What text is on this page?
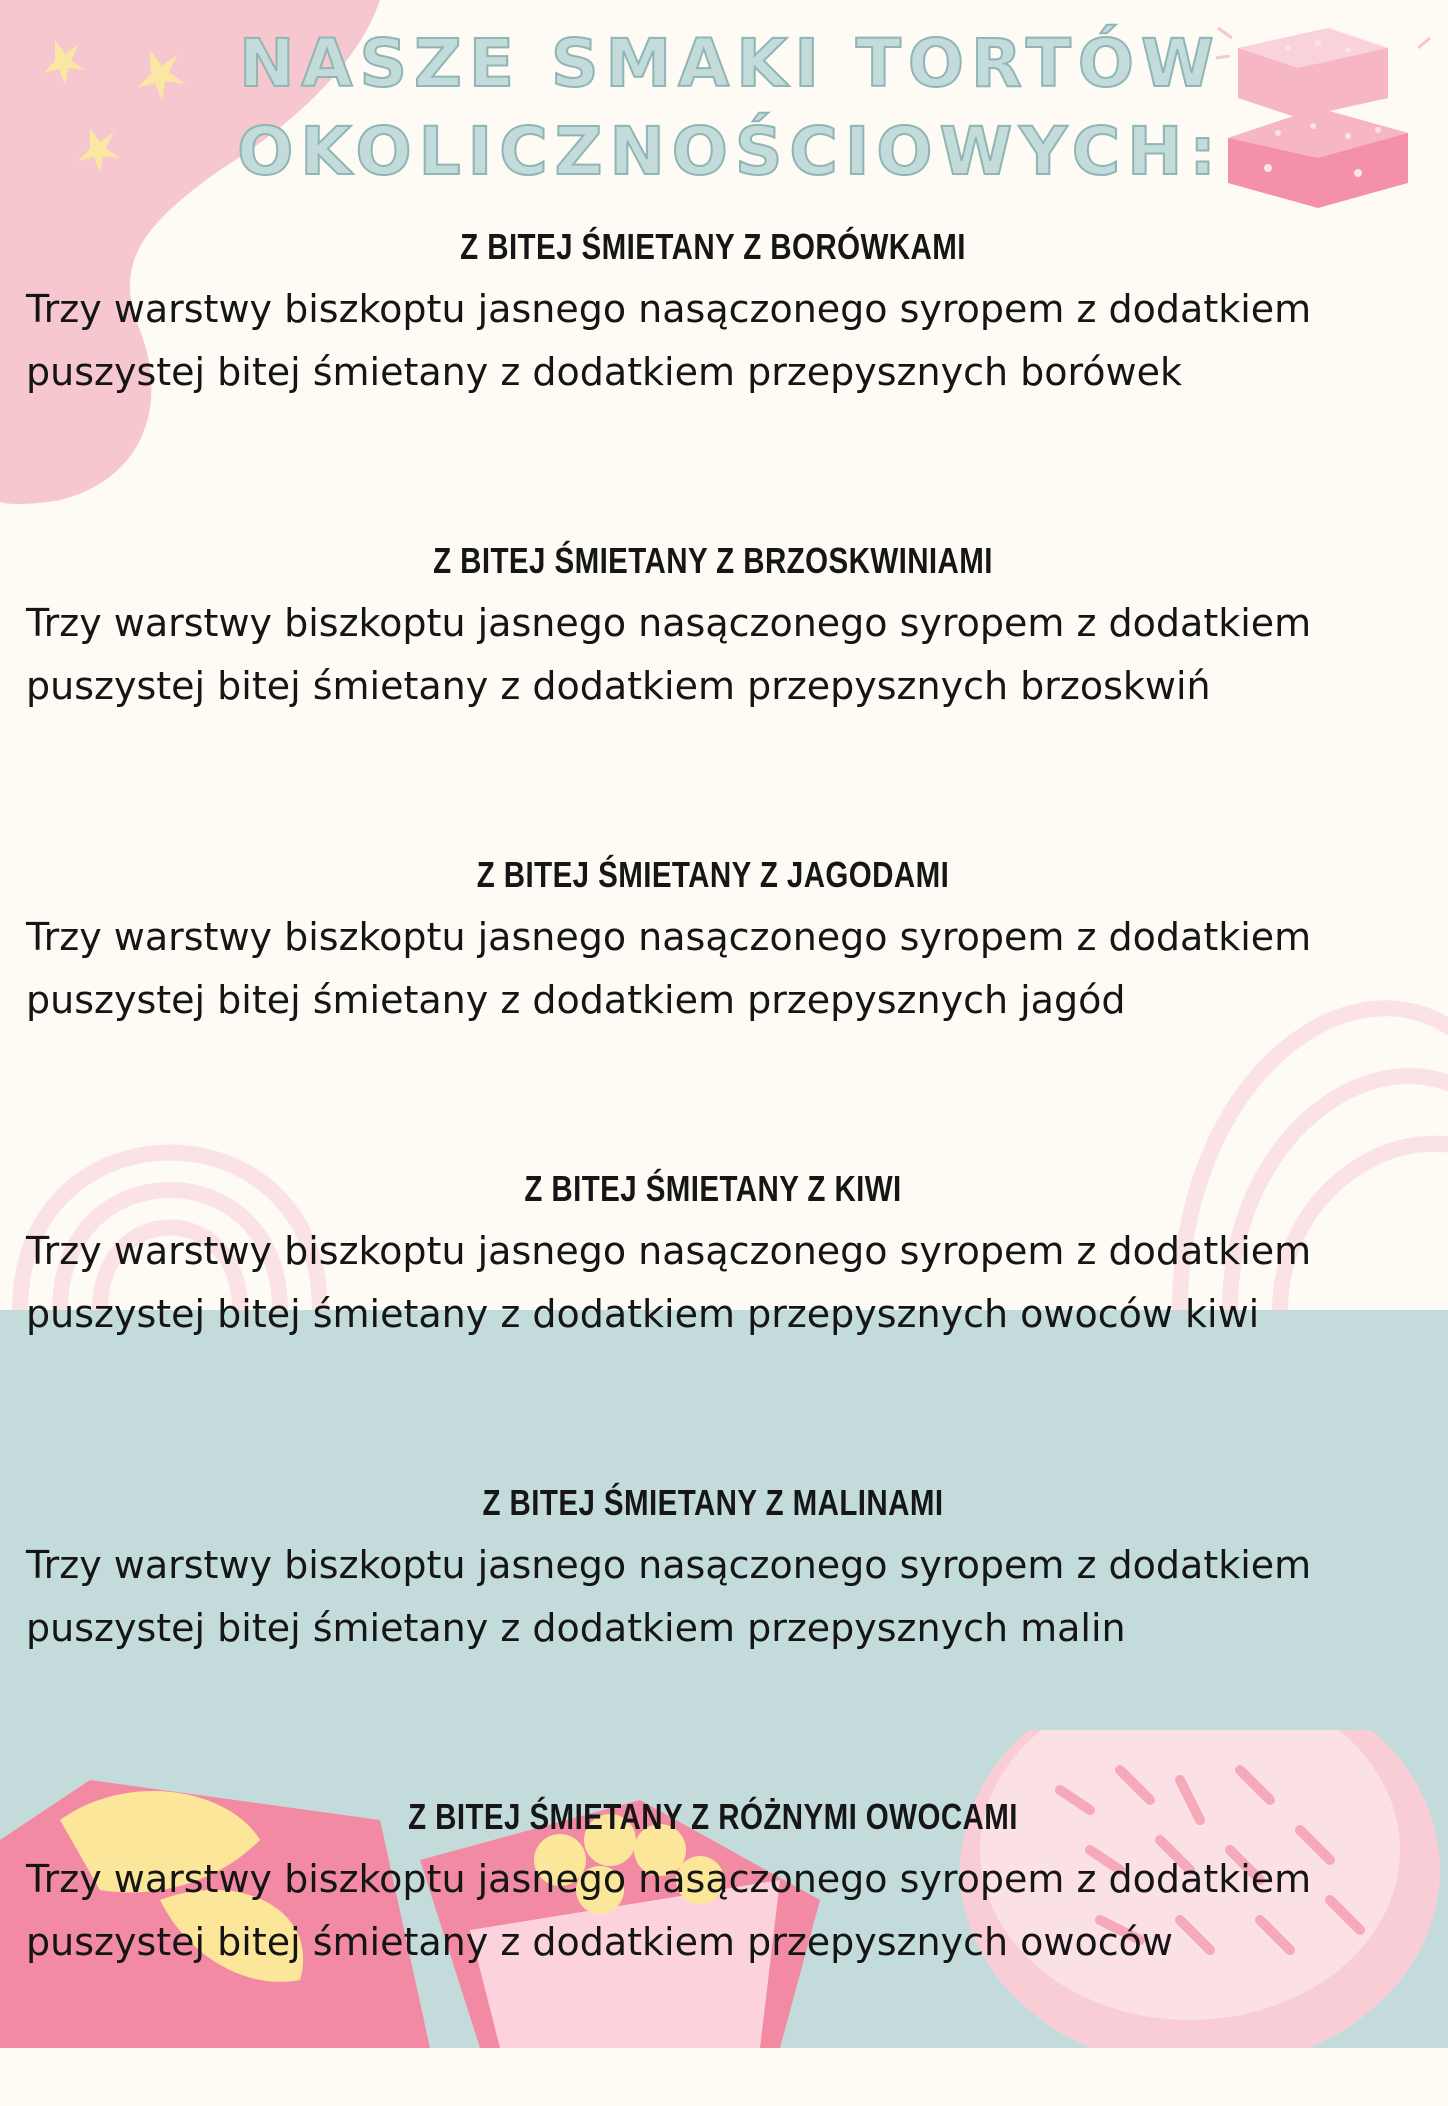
NASZE SMAKI TORTÓW
OKOLICZNOŚCIOWYCH:
Z BITEJ ŚMIETANY Z BORÓWKAMI
Trzy warstwy biszkoptu jasnego nasączonego syropem z dodatkiem puszystej bitej śmietany z dodatkiem przepysznych borówek
Z BITEJ ŚMIETANY Z BRZOSKWINIAMI
Trzy warstwy biszkoptu jasnego nasączonego syropem z dodatkiem puszystej bitej śmietany z dodatkiem przepysznych brzoskwiń
Z BITEJ ŚMIETANY Z JAGODAMI
Trzy warstwy biszkoptu jasnego nasączonego syropem z dodatkiem puszystej bitej śmietany z dodatkiem przepysznych jagód
Z BITEJ ŚMIETANY Z KIWI
Trzy warstwy biszkoptu jasnego nasączonego syropem z dodatkiem puszystej bitej śmietany z dodatkiem przepysznych owoców kiwi
Z BITEJ ŚMIETANY Z MALINAMI
Trzy warstwy biszkoptu jasnego nasączonego syropem z dodatkiem puszystej bitej śmietany z dodatkiem przepysznych malin
Z BITEJ ŚMIETANY Z RÓŻNYMI OWOCAMI
Trzy warstwy biszkoptu jasnego nasączonego syropem z dodatkiem puszystej bitej śmietany z dodatkiem przepysznych owoców
